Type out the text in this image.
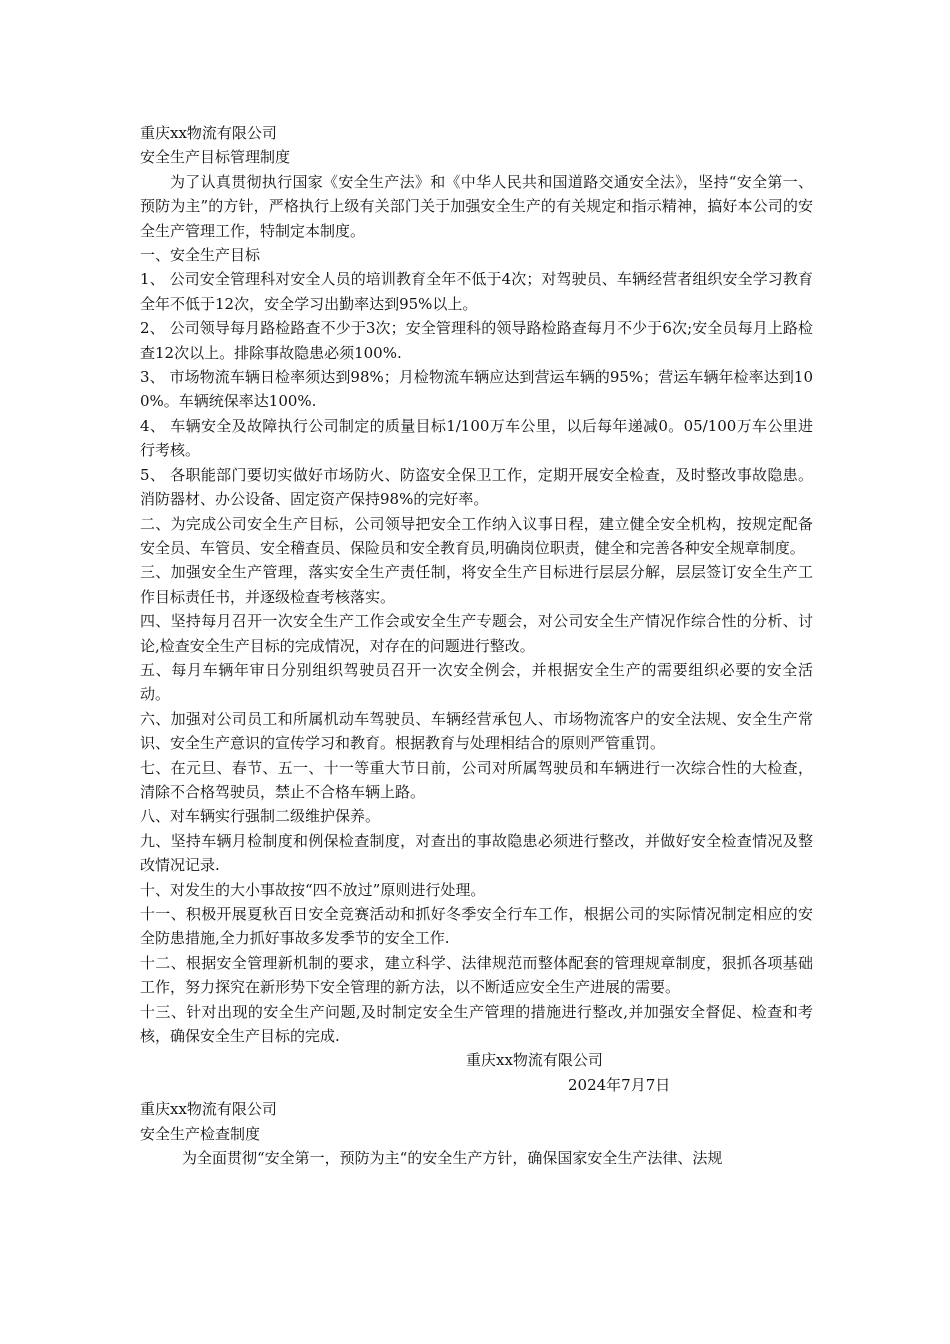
重庆xx物流有限公司
安全生产目标管理制度
为了认真贯彻执行国家《安全生产法》和《中华人民共和国道路交通安全法》，坚持“安全第一、预防为主”的方针，严格执行上级有关部门关于加强安全生产的有关规定和指示精神，搞好本公司的安全生产管理工作，特制定本制度。
一、安全生产目标
1、 公司安全管理科对安全人员的培训教育全年不低于4次；对驾驶员、车辆经营者组织安全学习教育全年不低于12次，安全学习出勤率达到95%以上。
2、 公司领导每月路检路查不少于3次；安全管理科的领导路检路查每月不少于6次;安全员每月上路检查12次以上。排除事故隐患必须100%.
3、 市场物流车辆日检率须达到98%；月检物流车辆应达到营运车辆的95%；营运车辆年检率达到100%。车辆统保率达100%.
4、 车辆安全及故障执行公司制定的质量目标1/100万车公里，以后每年递减0。05/100万车公里进行考核。
5、 各职能部门要切实做好市场防火、防盗安全保卫工作，定期开展安全检查，及时整改事故隐患。消防器材、办公设备、固定资产保持98%的完好率。
二、为完成公司安全生产目标，公司领导把安全工作纳入议事日程，建立健全安全机构，按规定配备安全员、车管员、安全稽查员、保险员和安全教育员,明确岗位职责，健全和完善各种安全规章制度。
三、加强安全生产管理，落实安全生产责任制，将安全生产目标进行层层分解，层层签订安全生产工作目标责任书，并逐级检查考核落实。
四、坚持每月召开一次安全生产工作会或安全生产专题会，对公司安全生产情况作综合性的分析、讨论,检查安全生产目标的完成情况，对存在的问题进行整改。
五、每月车辆年审日分别组织驾驶员召开一次安全例会，并根据安全生产的需要组织必要的安全活动。
六、加强对公司员工和所属机动车驾驶员、车辆经营承包人、市场物流客户的安全法规、安全生产常识、安全生产意识的宣传学习和教育。根据教育与处理相结合的原则严管重罚。
七、在元旦、春节、五一、十一等重大节日前，公司对所属驾驶员和车辆进行一次综合性的大检查，清除不合格驾驶员，禁止不合格车辆上路。
八、对车辆实行强制二级维护保养。
九、坚持车辆月检制度和例保检查制度，对查出的事故隐患必须进行整改，并做好安全检查情况及整改情况记录.
十、对发生的大小事故按“四不放过”原则进行处理。
十一、积极开展夏秋百日安全竞赛活动和抓好冬季安全行车工作，根据公司的实际情况制定相应的安全防患措施,全力抓好事故多发季节的安全工作.
十二、根据安全管理新机制的要求，建立科学、法律规范而整体配套的管理规章制度，狠抓各项基础工作，努力探究在新形势下安全管理的新方法，以不断适应安全生产进展的需要。
十三、针对出现的安全生产问题,及时制定安全生产管理的措施进行整改,并加强安全督促、检查和考核，确保安全生产目标的完成.
重庆xx物流有限公司
2024年7月7日
重庆xx物流有限公司
安全生产检查制度
为全面贯彻“安全第一，预防为主“的安全生产方针，确保国家安全生产法律、法规
